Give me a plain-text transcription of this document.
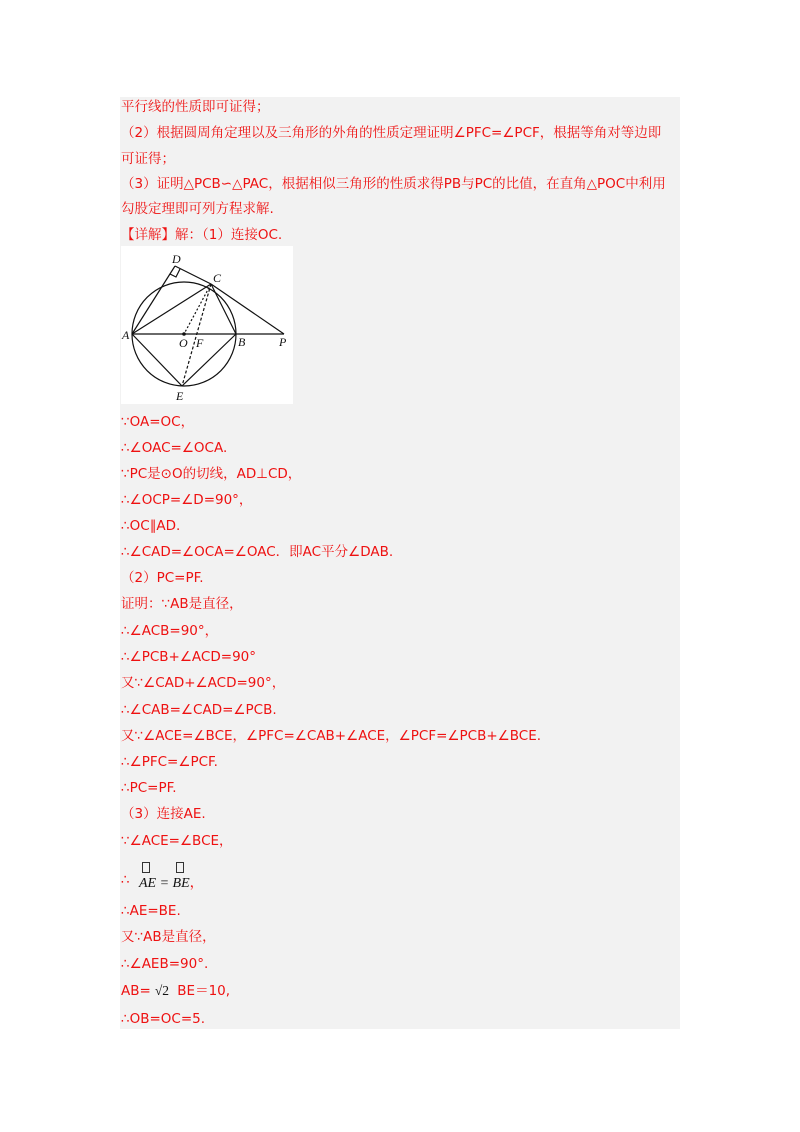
平行线的性质即可证得；
（2）根据圆周角定理以及三角形的外角的性质定理证明∠PFC=∠PCF，根据等角对等边即
可证得；
（3）证明△PCB∽△PAC，根据相似三角形的性质求得PB与PC的比值，在直角△POC中利用
勾股定理即可列方程求解.
【详解】解：（1）连接OC.
D
C
A
O F	B	P
E
∵OA=OC，
∴∠OAC=∠OCA.
∵PC是⊙O的切线，AD⊥CD，
∴∠OCP=∠D=90°，
∴OC∥AD.
∴∠CAD=∠OCA=∠OAC．即AC平分∠DAB.
（2）PC=PF.
证明：∵AB是直径，
∴∠ACB=90°，
∴∠PCB+∠ACD=90°
又∵∠CAD+∠ACD=90°，
∴∠CAB=∠CAD=∠PCB.
又∵∠ACE=∠BCE，∠PFC=∠CAB+∠ACE，∠PCF=∠PCB+∠BCE.
∴∠PFC=∠PCF.
∴PC=PF.
（3）连接AE.
∵∠ACE=∠BCE，
∴ AE = BE，
∴AE=BE.
又∵AB是直径，
∴∠AEB=90°.
AB= √2 BE＝10,
∴OB=OC=5.
